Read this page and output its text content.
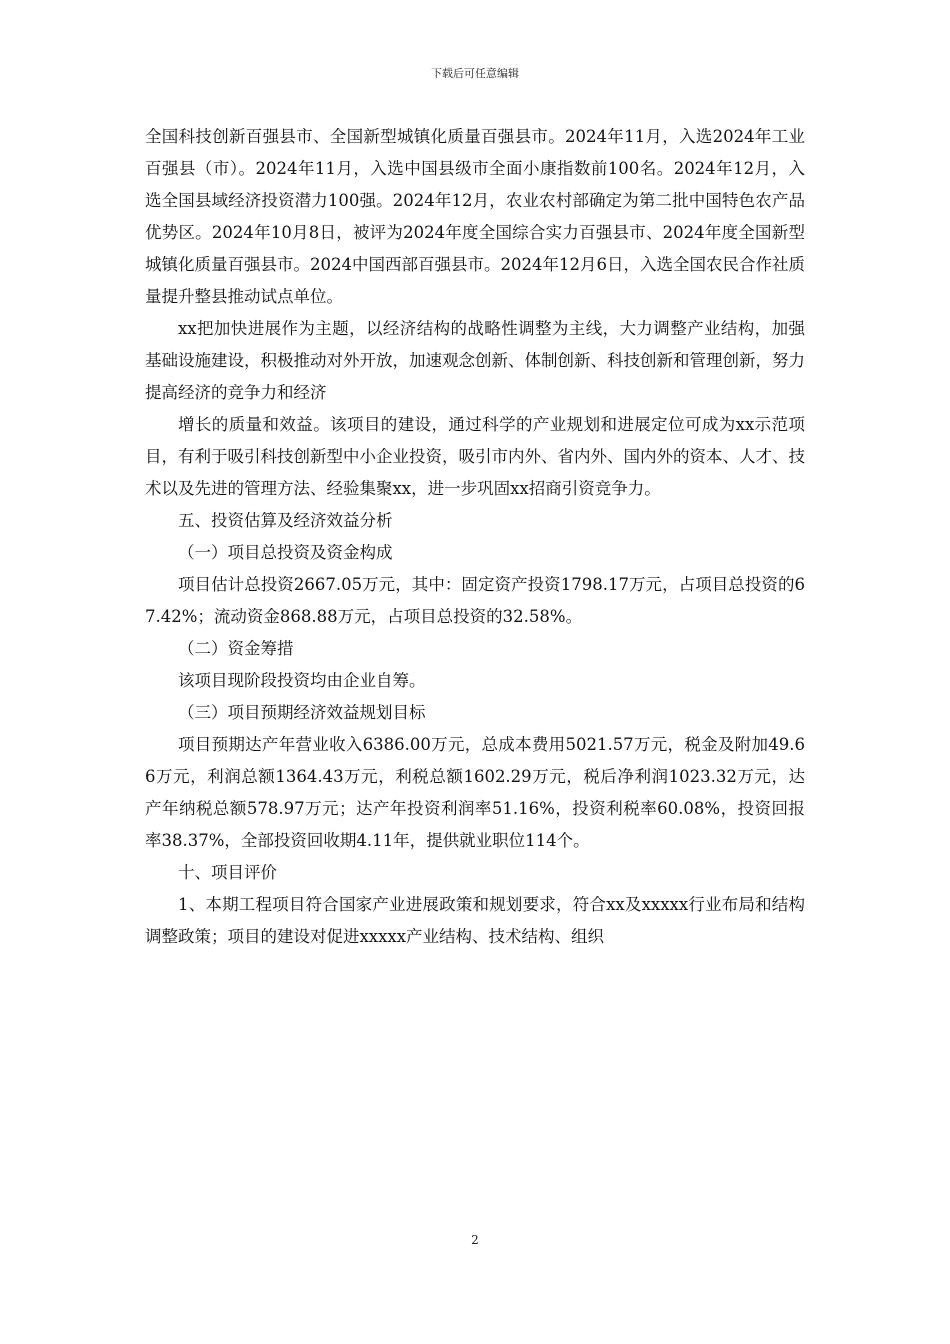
下载后可任意编辑

全国科技创新百强县市、全国新型城镇化质量百强县市。2024年11月，入选2024年工业百强县（市）。2024年11月，入选中国县级市全面小康指数前100名。2024年12月，入选全国县域经济投资潜力100强。2024年12月，农业农村部确定为第二批中国特色农产品优势区。2024年10月8日，被评为2024年度全国综合实力百强县市、2024年度全国新型城镇化质量百强县市。2024中国西部百强县市。2024年12月6日，入选全国农民合作社质量提升整县推动试点单位。

xx把加快进展作为主题，以经济结构的战略性调整为主线，大力调整产业结构，加强基础设施建设，积极推动对外开放，加速观念创新、体制创新、科技创新和管理创新，努力提高经济的竞争力和经济

增长的质量和效益。该项目的建设，通过科学的产业规划和进展定位可成为xx示范项目，有利于吸引科技创新型中小企业投资，吸引市内外、省内外、国内外的资本、人才、技术以及先进的管理方法、经验集聚xx，进一步巩固xx招商引资竞争力。

五、投资估算及经济效益分析

（一）项目总投资及资金构成

项目估计总投资2667.05万元，其中：固定资产投资1798.17万元，占项目总投资的67.42%；流动资金868.88万元，占项目总投资的32.58%。

（二）资金筹措

该项目现阶段投资均由企业自筹。

（三）项目预期经济效益规划目标

项目预期达产年营业收入6386.00万元，总成本费用5021.57万元，税金及附加49.66万元，利润总额1364.43万元，利税总额1602.29万元，税后净利润1023.32万元，达产年纳税总额578.97万元；达产年投资利润率51.16%，投资利税率60.08%，投资回报率38.37%，全部投资回收期4.11年，提供就业职位114个。

十、项目评价

1、本期工程项目符合国家产业进展政策和规划要求，符合xx及xxxxx行业布局和结构调整政策；项目的建设对促进xxxxx产业结构、技术结构、组织

2
